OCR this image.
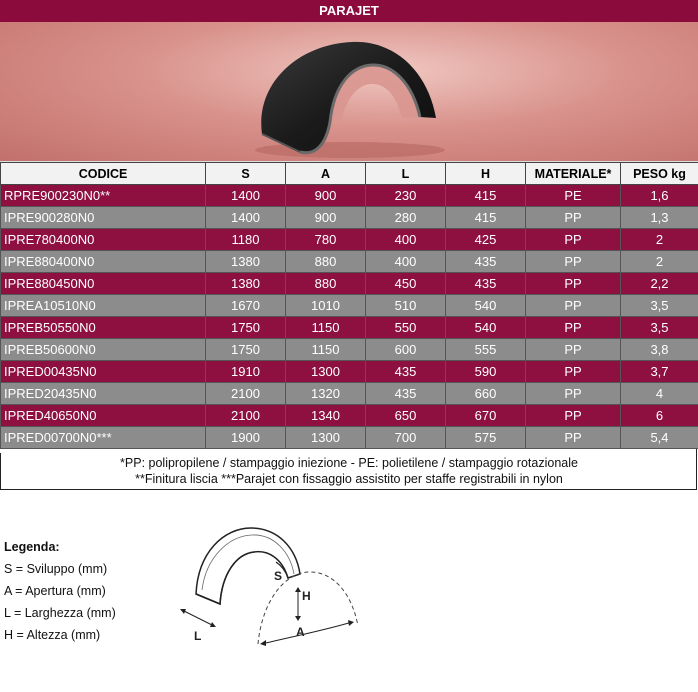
PARAJET
CODICE	S	A	L	H	MATERIALE*	PESO kg
RPRE900230N0**	1400	900	230	415	PE	1,6
IPRE900280N0	1400	900	280	415	PP	1,3
IPRE780400N0	1180	780	400	425	PP	2
IPRE880400N0	1380	880	400	435	PP	2
IPRE880450N0	1380	880	450	435	PP	2,2
IPREA10510N0	1670	1010	510	540	PP	3,5
IPREB50550N0	1750	1150	550	540	PP	3,5
IPREB50600N0	1750	1150	600	555	PP	3,8
IPRED00435N0	1910	1300	435	590	PP	3,7
IPRED20435N0	2100	1320	435	660	PP	4
IPRED40650N0	2100	1340	650	670	PP	6
IPRED00700N0***	1900	1300	700	575	PP	5,4
*PP: polipropilene / stampaggio iniezione - PE: polietilene / stampaggio rotazionale
**Finitura liscia ***Parajet con fissaggio assistito per staffe registrabili in nylon
Legenda:
S = Sviluppo (mm)
A = Apertura (mm)
L = Larghezza (mm)
H = Altezza (mm)
S
H
L	A
